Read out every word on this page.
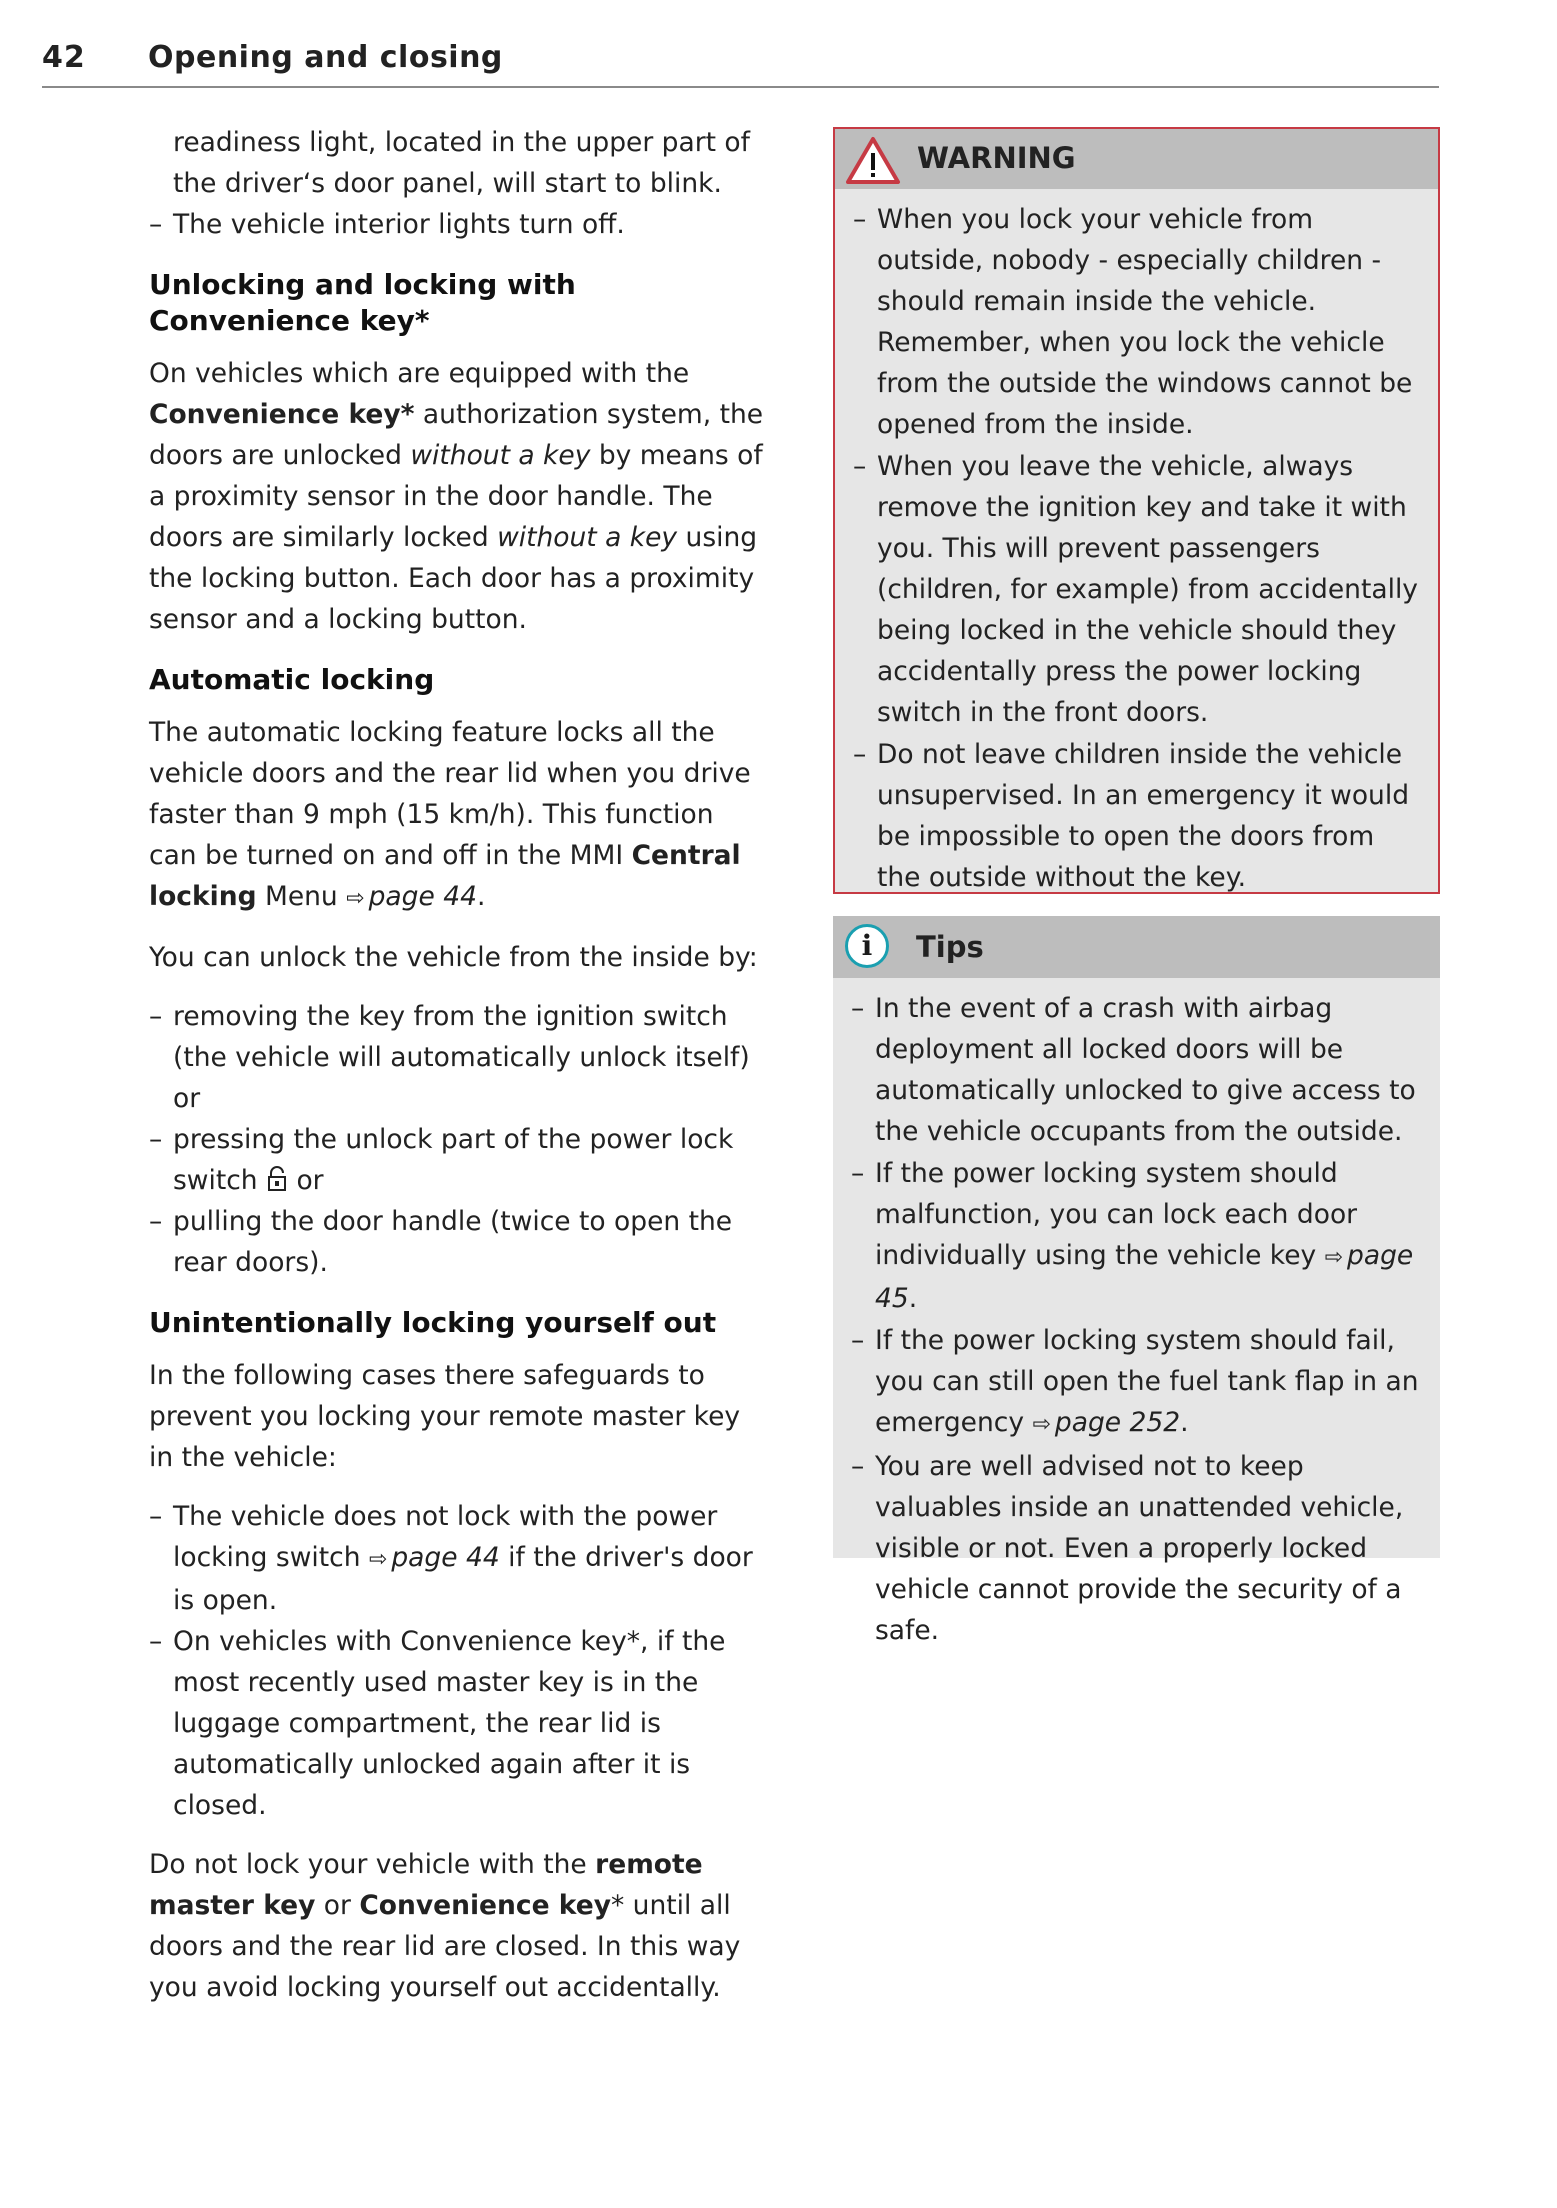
42 Opening and closing
readiness light, located in the upper part of the driver‘s door panel, will start to blink.
– The vehicle interior lights turn off.
Unlocking and locking with Convenience key*

On vehicles which are equipped with the Convenience key* authorization system, the doors are unlocked without a key by means of a proximity sensor in the door handle. The doors are similarly locked without a key using the locking button. Each door has a proximity sensor and a locking button.

Automatic locking

The automatic locking feature locks all the vehicle doors and the rear lid when you drive faster than 9 mph (15 km/h). This function can be turned on and off in the MMI Central locking Menu ⇨ page 44.

You can unlock the vehicle from the inside by:

– removing the key from the ignition switch (the vehicle will automatically unlock itself) or
– pressing the unlock part of the power lock switch  or
– pulling the door handle (twice to open the rear doors).
Unintentionally locking yourself out

In the following cases there safeguards to prevent you locking your remote master key in the vehicle:

– The vehicle does not lock with the power locking switch ⇨ page 44 if the driver's door is open.
– On vehicles with Convenience key*, if the most recently used master key is in the luggage compartment, the rear lid is automatically unlocked again after it is closed.

Do not lock your vehicle with the remote master key or Convenience key* until all doors and the rear lid are closed. In this way you avoid locking yourself out accidentally.

WARNING
– When you lock your vehicle from outside, nobody - especially children - should remain inside the vehicle. Remember, when you lock the vehicle from the outside the windows cannot be opened from the inside.
– When you leave the vehicle, always remove the ignition key and take it with you. This will prevent passengers (children, for example) from accidentally being locked in the vehicle should they accidentally press the power locking switch in the front doors.
– Do not leave children inside the vehicle unsupervised. In an emergency it would be impossible to open the doors from the outside without the key.
i	Tips
– In the event of a crash with airbag deployment all locked doors will be automatically unlocked to give access to the vehicle occupants from the outside.
– If the power locking system should malfunction, you can lock each door individually using the vehicle key ⇨ page 45.
– If the power locking system should fail, you can still open the fuel tank flap in an emergency ⇨ page 252.
– You are well advised not to keep valuables inside an unattended vehicle, visible or not. Even a properly locked vehicle cannot provide the security of a safe.
